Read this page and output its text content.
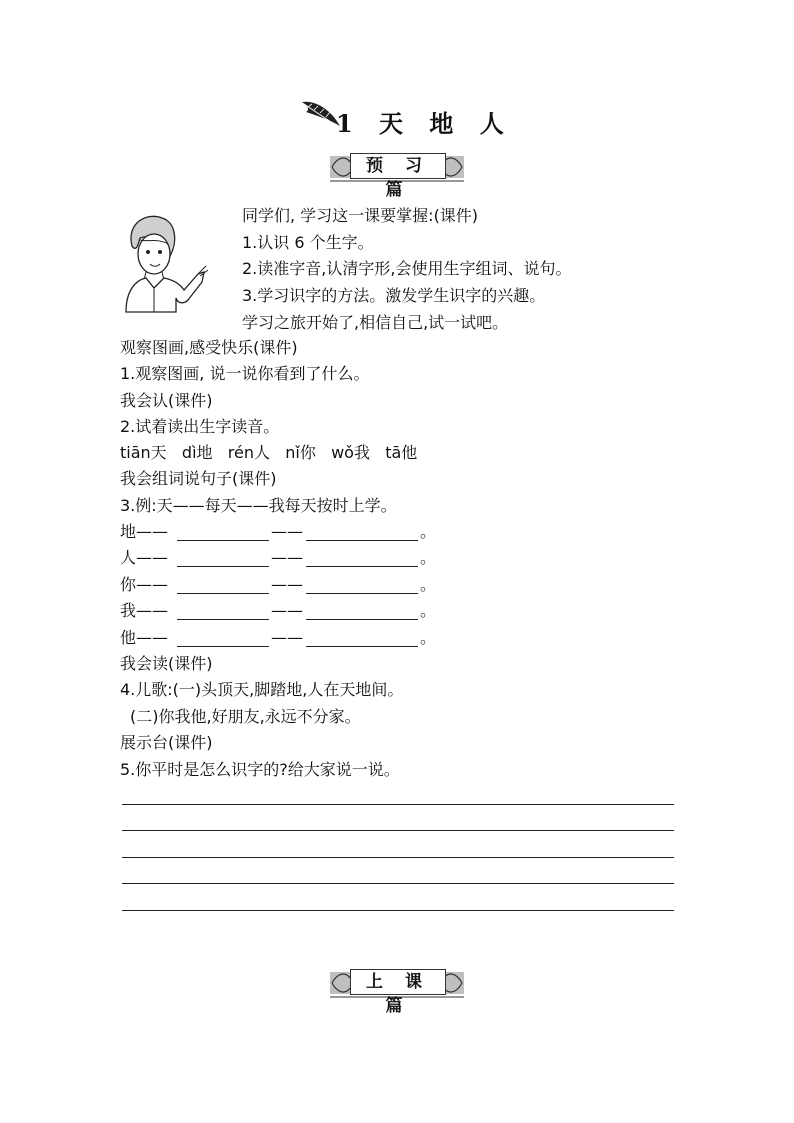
1 天 地 人
预 习 篇
同学们, 学习这一课要掌握:(课件)
1.认识 6 个生字。
2.读准字音,认清字形,会使用生字组词、说句。
3.学习识字的方法。激发学生识字的兴趣。
学习之旅开始了,相信自己,试一试吧。
观察图画,感受快乐(课件)
1.观察图画, 说一说你看到了什么。
我会认(课件)
2.试着读出生字读音。
tiān天   dì地   rén人   nǐ你   wǒ我   tā他
我会组词说句子(课件)
3.例:天——每天——我每天按时上学。
地——	——	。
人——	——	。
你——	——	。
我——	——	。
他——	——	。
我会读(课件)
4.儿歌:(一)头顶天,脚踏地,人在天地间。
(二)你我他,好朋友,永远不分家。
展示台(课件)
5.你平时是怎么识字的?给大家说一说。
上 课 篇
